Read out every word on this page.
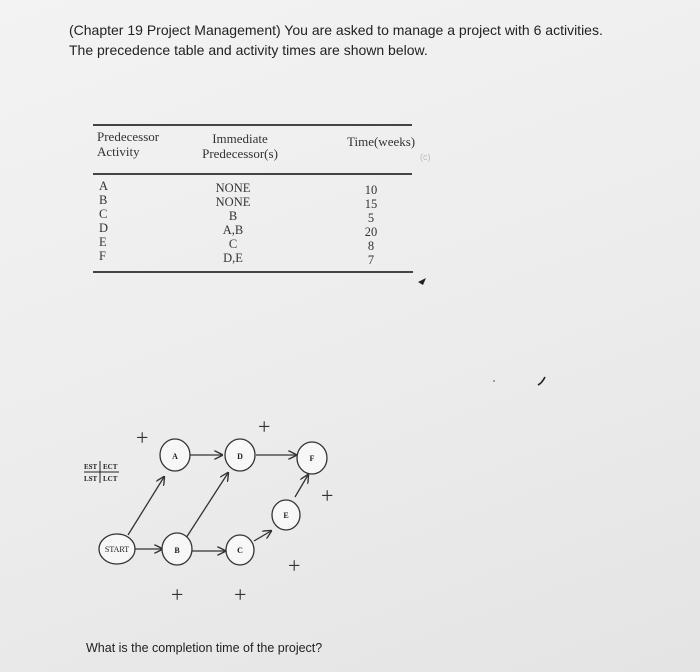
(Chapter 19 Project Management) You are asked to manage a project with 6 activities. The precedence table and activity times are shown below.
Predecessor
Activity
Immediate
Predecessor(s)
Time(weeks)
A
B
C
D
E
F
NONE
NONE
B
A,B
C
D,E
10
15
5
20
8
7
(c)
EST ECT
LST LCT
START
A
B	C
D
E
F
+	+
+
+
+ +
What is the completion time of the project?
